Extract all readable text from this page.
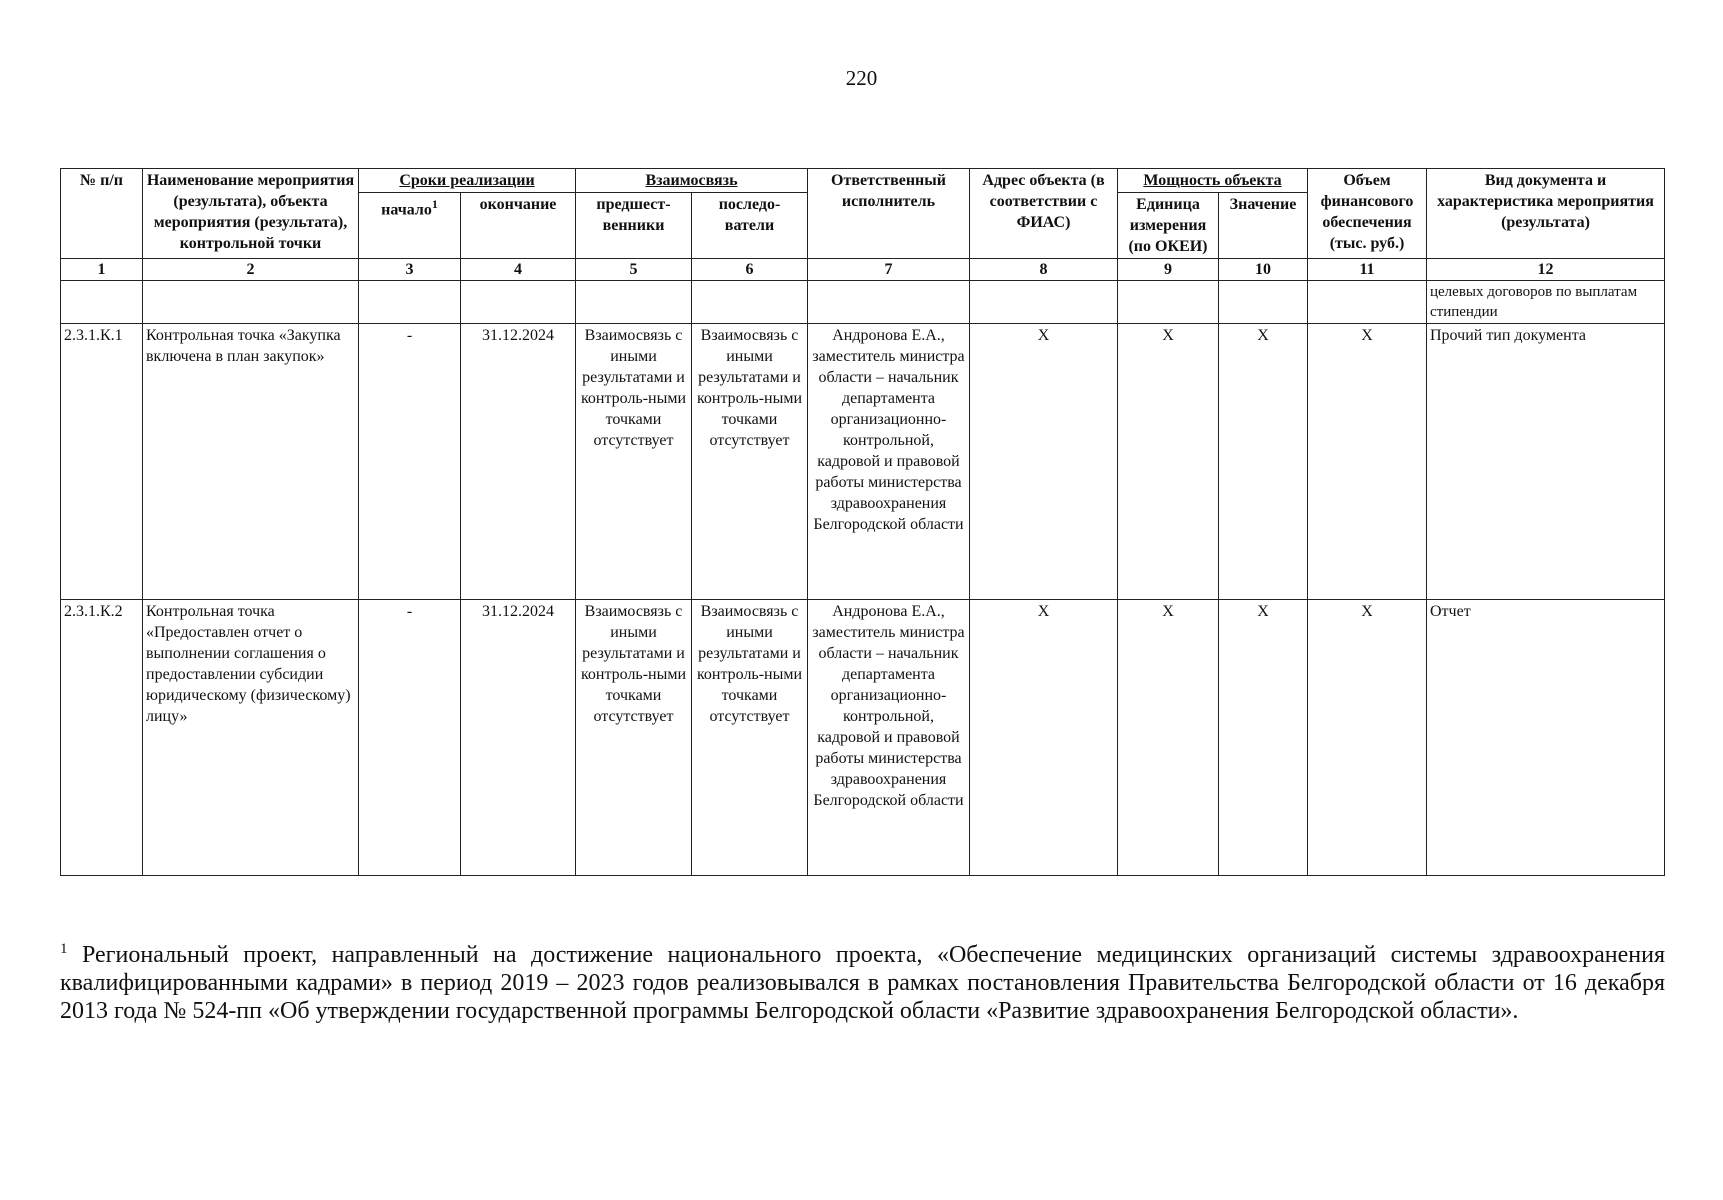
220
№ п/п	Наименование мероприятия (результата), объекта мероприятия (результата), контрольной точки	Сроки реализации		Взаимосвязь		Ответственный исполнитель	Адрес объекта (в соответствии с ФИАС)	Мощность объекта		Объем финансового обеспечения (тыс. руб.)	Вид документа и характеристика мероприятия (результата)
		начало$^1$	окончание	предшест-венники	последо-ватели			Единица измерения (по ОКЕИ)	Значение		
1	2	3	4	5	6	7	8	9	10	11	12
											целевых договоров по выплатам стипендии
2.3.1.К.1	Контрольная точка «Закупка включена в план закупок»	-	31.12.2024	Взаимосвязь с иными результатами и контроль-ными точками отсутствует	Взаимосвязь с иными результатами и контроль-ными точками отсутствует	Андронова Е.А., заместитель министра области – начальник департамента организационно-контрольной, кадровой и правовой работы министерства здравоохранения Белгородской области	Х	Х	Х	Х	Прочий тип документа
2.3.1.К.2	Контрольная точка «Предоставлен отчет о выполнении соглашения о предоставлении субсидии юридическому (физическому) лицу»	-	31.12.2024	Взаимосвязь с иными результатами и контроль-ными точками отсутствует	Взаимосвязь с иными результатами и контроль-ными точками отсутствует	Андронова Е.А., заместитель министра области – начальник департамента организационно-контрольной, кадровой и правовой работы министерства здравоохранения Белгородской области	Х	Х	Х	Х	Отчет
$^1$ Региональный проект, направленный на достижение национального проекта, «Обеспечение медицинских организаций системы здравоохранения квалифицированными кадрами» в период 2019 – 2023 годов реализовывался в рамках постановления Правительства Белгородской области от 16 декабря 2013 года № 524-пп «Об утверждении государственной программы Белгородской области «Развитие здравоохранения Белгородской области».
